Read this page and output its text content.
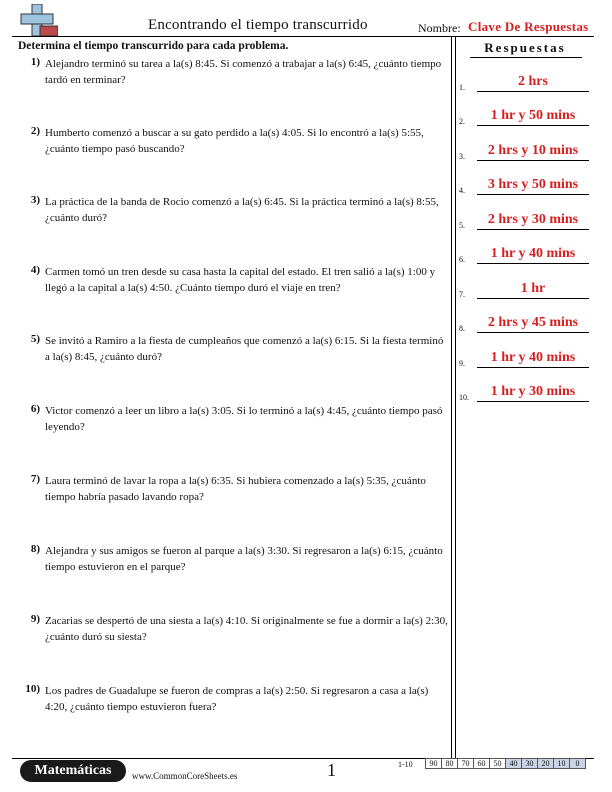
Encontrando el tiempo transcurrido	Nombre: Clave De Respuestas
Determina el tiempo transcurrido para cada problema.	Respuestas
1) Alejandro terminó su tarea a la(s) 8:45. Si comenzó a trabajar a la(s) 6:45, ¿cuánto tiempo tardó en terminar?
2) Humberto comenzó a buscar a su gato perdido a la(s) 4:05. Si lo encontró a la(s) 5:55, ¿cuánto tiempo pasó buscando?
3) La práctica de la banda de Rocio comenzó a la(s) 6:45. Si la práctica terminó a la(s) 8:55, ¿cuánto duró?
4) Carmen tomó un tren desde su casa hasta la capital del estado. El tren salió a la(s) 1:00 y llegó a la capital a la(s) 4:50. ¿Cuánto tiempo duró el viaje en tren?
5) Se invitó a Ramiro a la fiesta de cumpleaños que comenzó a la(s) 6:15. Si la fiesta terminó a la(s) 8:45, ¿cuánto duró?
6) Victor comenzó a leer un libro a la(s) 3:05. Si lo terminó a la(s) 4:45, ¿cuánto tiempo pasó leyendo?
7) Laura terminó de lavar la ropa a la(s) 6:35. Si hubiera comenzado a la(s) 5:35, ¿cuánto tiempo habría pasado lavando ropa?
8) Alejandra y sus amigos se fueron al parque a la(s) 3:30. Si regresaron a la(s) 6:15, ¿cuánto tiempo estuvieron en el parque?
9) Zacarias se despertó de una siesta a la(s) 4:10. Si originalmente se fue a dormir a la(s) 2:30, ¿cuánto duró su siesta?
10) Los padres de Guadalupe se fueron de compras a la(s) 2:50. Si regresaron a casa a la(s) 4:20, ¿cuánto tiempo estuvieron fuera?
1.	2 hrs
2.	1 hr y 50 mins
3.	2 hrs y 10 mins
4.	3 hrs y 50 mins
5.	2 hrs y 30 mins
6.	1 hr y 40 mins
7.	1 hr
8.	2 hrs y 45 mins
9.	1 hr y 40 mins
10.	1 hr y 30 mins
Matemáticas	www.CommonCoreSheets.es	1	1-10 90	80	70	60	50	40	30	20	10	0
